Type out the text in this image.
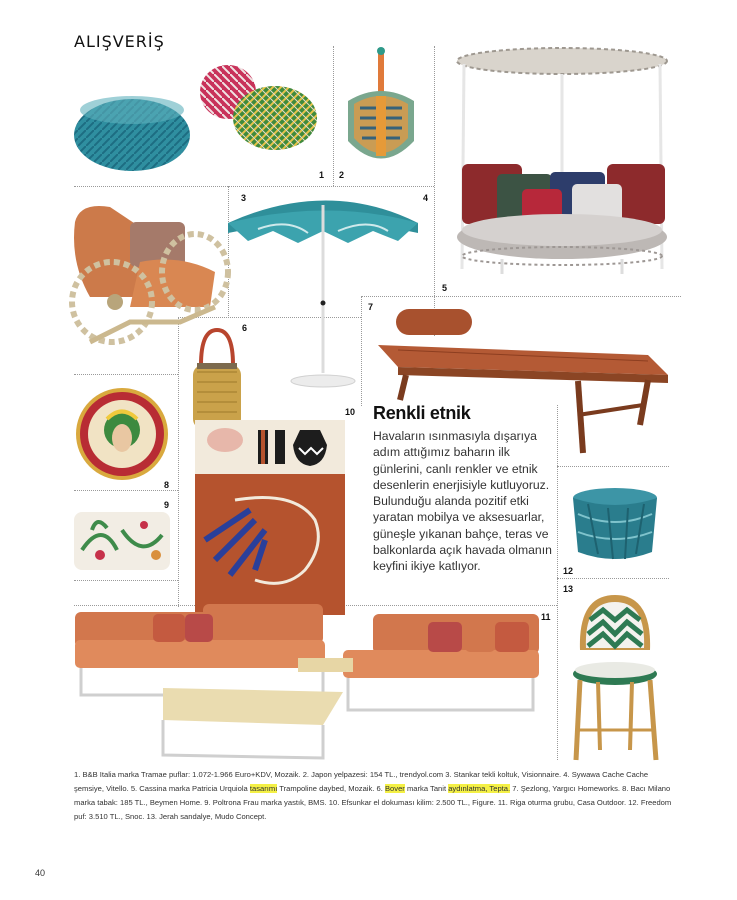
ALIŞVERİŞ
1 2
3	4
5
6
7
8
9
10
11
12
13
Renkli etnik

Havaların ısınmasıyla dışarıya adım attığımız baharın ilk günlerini, canlı renkler ve etnik desenlerin enerjisiyle kutluyoruz. Bulunduğu alanda pozitif etki yaratan mobilya ve aksesuarlar, güneşle yıkanan bahçe, teras ve balkonlarda açık havada olmanın keyfini ikiye katlıyor.

1. B&B Italia marka Tramae puflar: 1.072-1.966 Euro+KDV, Mozaik. 2. Japon yelpazesi: 154 TL., trendyol.com 3. Stankar tekli koltuk, Visionnaire. 4. Sywawa Cache Cache şemsiye, Vitello. 5. Cassina marka Patricia Urquiola tasarımı Trampoline daybed, Mozaik. 6. Bover marka Tanit aydınlatma, Tepta. 7. Şezlong, Yargıcı Homeworks. 8. Bacı Milano marka tabak: 185 TL., Beymen Home. 9. Poltrona Frau marka yastık, BMS. 10. Efsunkar el dokuması kilim: 2.500 TL., Figure. 11. Riga oturma grubu, Casa Outdoor. 12. Freedom puf: 3.510 TL., Snoc. 13. Jerah sandalye, Mudo Concept.
40
